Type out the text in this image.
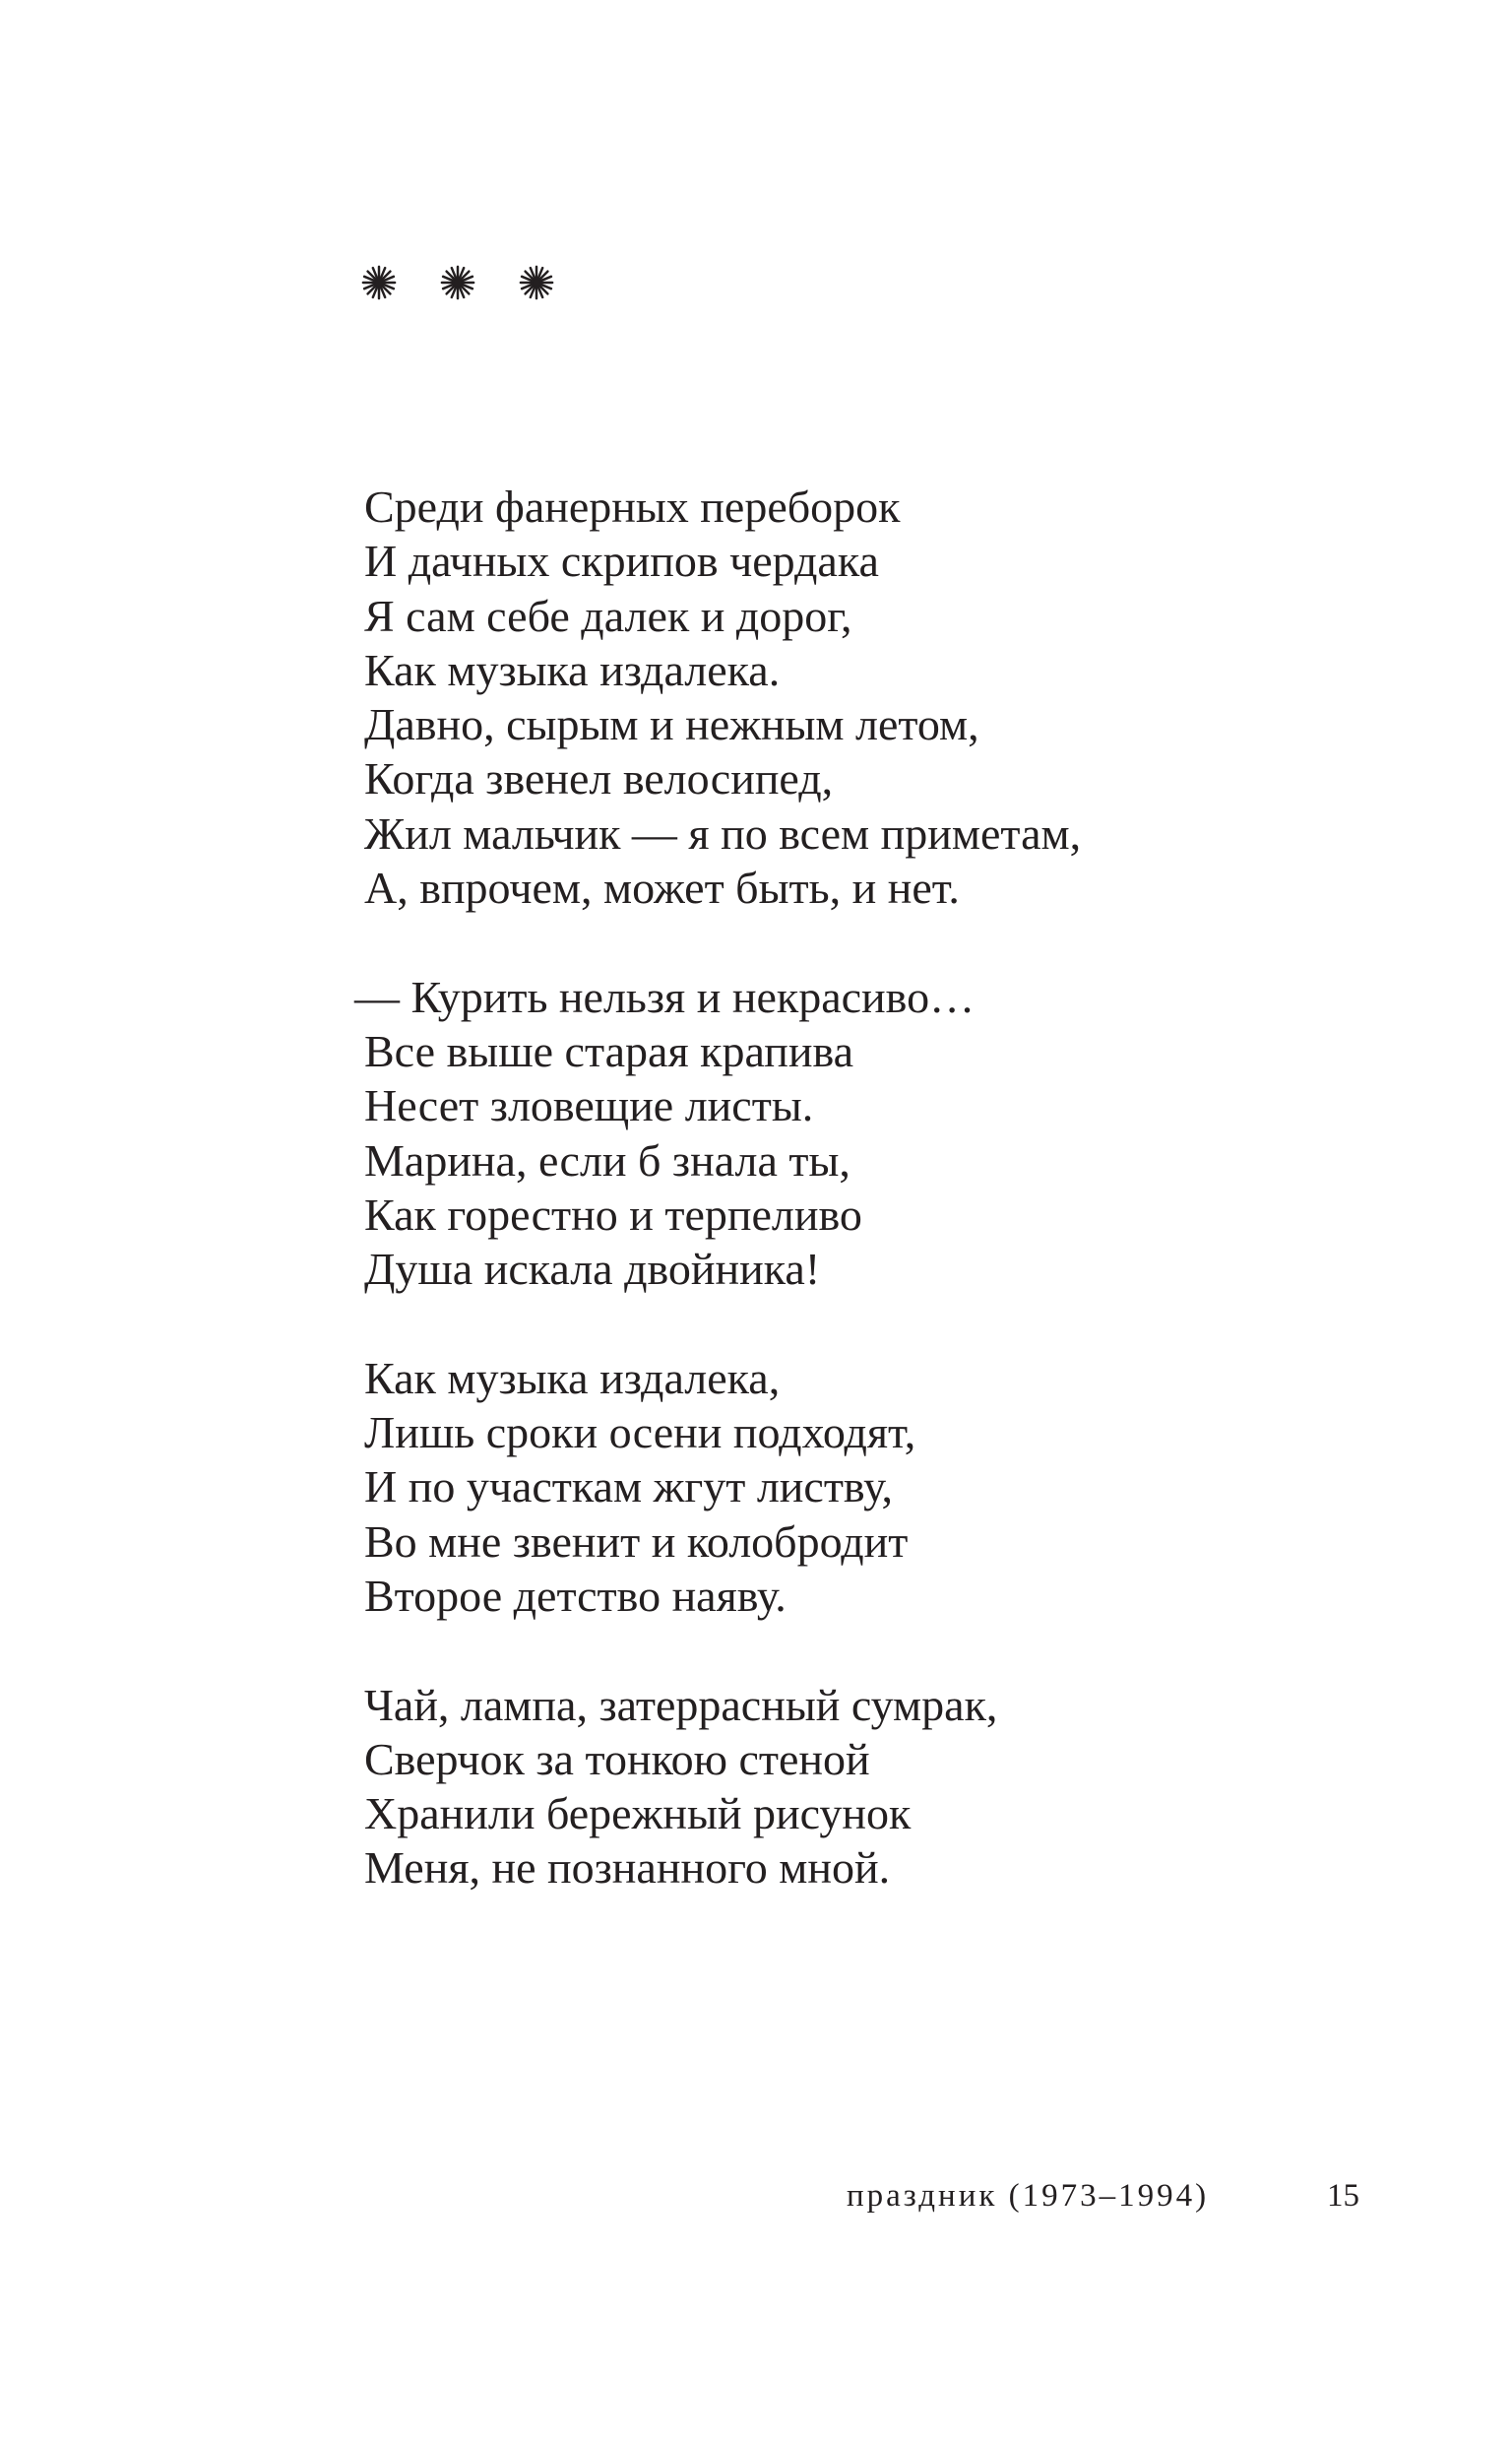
Среди фанерных переборок
И дачных скрипов чердака
Я сам себе далек и дорог,
Как музыка издалека.
Давно, сырым и нежным летом,
Когда звенел велосипед,
Жил мальчик — я по всем приметам,
А, впрочем, может быть, и нет.
— Курить нельзя и некрасиво…
Все выше старая крапива
Несет зловещие листы.
Марина, если б знала ты,
Как горестно и терпеливо
Душа искала двойника!
Как музыка издалека,
Лишь сроки осени подходят,
И по участкам жгут листву,
Во мне звенит и колобродит
Второе детство наяву.
Чай, лампа, затеррасный сумрак,
Сверчок за тонкою стеной
Хранили бережный рисунок
Меня, не познанного мной.
праздник (1973–1994)	15
